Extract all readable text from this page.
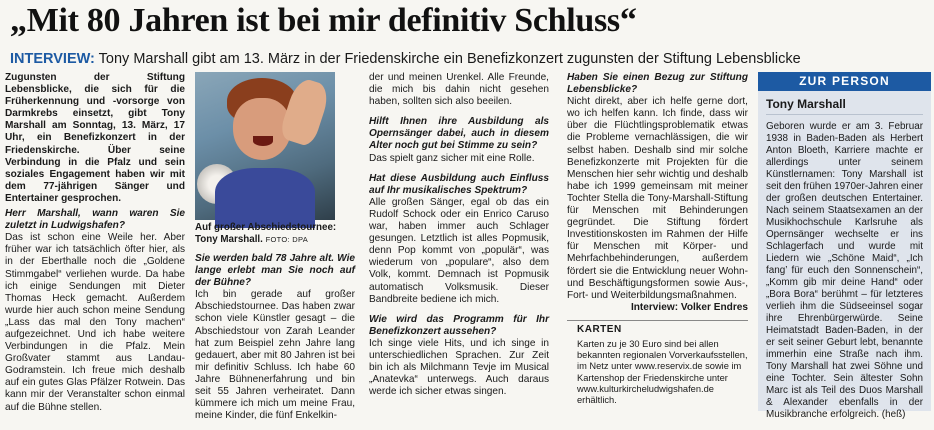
„Mit 80 Jahren ist bei mir definitiv Schluss“
INTERVIEW: Tony Marshall gibt am 13. März in der Friedenskirche ein Benefizkonzert zugunsten der Stiftung Lebensblicke

Zugunsten der Stiftung Lebensblicke, die sich für die Früherkennung und -vorsorge von Darmkrebs einsetzt, gibt Tony Marshall am Sonntag, 13. März, 17 Uhr, ein Benefizkonzert in der Friedenskirche. Über seine Verbindung in die Pfalz und sein soziales Engagement haben wir mit dem 77-jährigen Sänger und Entertainer gesprochen.

Herr Marshall, wann waren Sie zuletzt in Ludwigshafen?

Das ist schon eine Weile her. Aber früher war ich tatsächlich öfter hier, als in der Eberthalle noch die „Goldene Stimmgabel“ verliehen wurde. Da habe ich einige Sendungen mit Dieter Thomas Heck gemacht. Außerdem wurde hier auch schon meine Sendung „Lass das mal den Tony machen“ aufgezeichnet. Und ich habe weitere Verbindungen in die Pfalz. Mein Großvater stammt aus Landau-Godramstein. Ich freue mich deshalb auf ein gutes Glas Pfälzer Rotwein. Das kann mir der Veranstalter schon einmal auf die Bühne stellen.

Auf großer Abschiedstournee: Tony Marshall. FOTO: DPA

Sie werden bald 78 Jahre alt. Wie lange erlebt man Sie noch auf der Bühne?

Ich bin gerade auf großer Abschiedstournee. Das haben zwar schon viele Künstler gesagt – die Abschiedstour von Zarah Leander hat zum Beispiel zehn Jahre lang gedauert, aber mit 80 Jahren ist bei mir definitiv Schluss. Ich habe 60 Jahre Bühnenerfahrung und bin seit 55 Jahren verheiratet. Dann kümmere ich mich um meine Frau, meine Kinder, die fünf Enkelkin-

der und meinen Urenkel. Alle Freunde, die mich bis dahin nicht gesehen haben, sollten sich also beeilen.

Hilft Ihnen ihre Ausbildung als Opernsänger dabei, auch in diesem Alter noch gut bei Stimme zu sein?

Das spielt ganz sicher mit eine Rolle.

Hat diese Ausbildung auch Einfluss auf Ihr musikalisches Spektrum?

Alle großen Sänger, egal ob das ein Rudolf Schock oder ein Enrico Caruso war, haben immer auch Schlager gesungen. Letztlich ist alles Popmusik, denn Pop kommt von „populär“, was wiederum von „populare“, also dem Volk, kommt. Demnach ist Popmusik automatisch Volksmusik. Dieser Bandbreite bediene ich mich.

Wie wird das Programm für Ihr Benefizkonzert aussehen?

Ich singe viele Hits, und ich singe in unterschiedlichen Sprachen. Zur Zeit bin ich als Milchmann Tevje im Musical „Anatevka“ unterwegs. Auch daraus werde ich sicher etwas singen.

Haben Sie einen Bezug zur Stiftung Lebensblicke?

Nicht direkt, aber ich helfe gerne dort, wo ich helfen kann. Ich finde, dass wir über die Flüchtlingsproblematik etwas die Probleme vernachlässigen, die wir selbst haben. Deshalb sind mir solche Benefizkonzerte mit Projekten für die Menschen hier sehr wichtig und deshalb habe ich 1999 gemeinsam mit meiner Tochter Stella die Tony-Marshall-Stiftung für Menschen mit Behinderungen gegründet. Die Stiftung fördert Investitionskosten im Rahmen der Hilfe für Menschen mit Körper- und Mehrfachbehinderungen, außerdem fördert sie die Entwicklung neuer Wohn- und Beschäftigungsformen sowie Aus-, Fort- und Weiterbildungsmaßnahmen.

Interview: Volker Endres

KARTEN

Karten zu je 30 Euro sind bei allen bekannten regionalen Vorverkaufsstellen, im Netz unter www.reservix.de sowie im Kartenshop der Friedenskirche unter www.kulturkircheludwigshafen.de erhältlich.

ZUR PERSON
Tony Marshall

Geboren wurde er am 3. Februar 1938 in Baden-Baden als Herbert Anton Bloeth, Karriere machte er allerdings unter seinem Künstlernamen: Tony Marshall ist seit den frühen 1970er-Jahren einer der großen deutschen Entertainer. Nach seinem Staatsexamen an der Musikhochschule Karlsruhe als Opernsänger wechselte er ins Schlagerfach und wurde mit Liedern wie „Schöne Maid“, „Ich fang’ für euch den Sonnenschein“, „Komm gib mir deine Hand“ oder „Bora Bora“ berühmt – für letzteres verlieh ihm die Südseeinsel sogar ihre Ehrenbürgerwürde. Seine Heimatstadt Baden-Baden, in der er seit seiner Geburt lebt, benannte immerhin eine Straße nach ihm. Tony Marshall hat zwei Söhne und eine Tochter. Sein ältester Sohn Marc ist als Teil des Duos Marshall & Alexander ebenfalls in der Musikbranche erfolgreich. (heß)
